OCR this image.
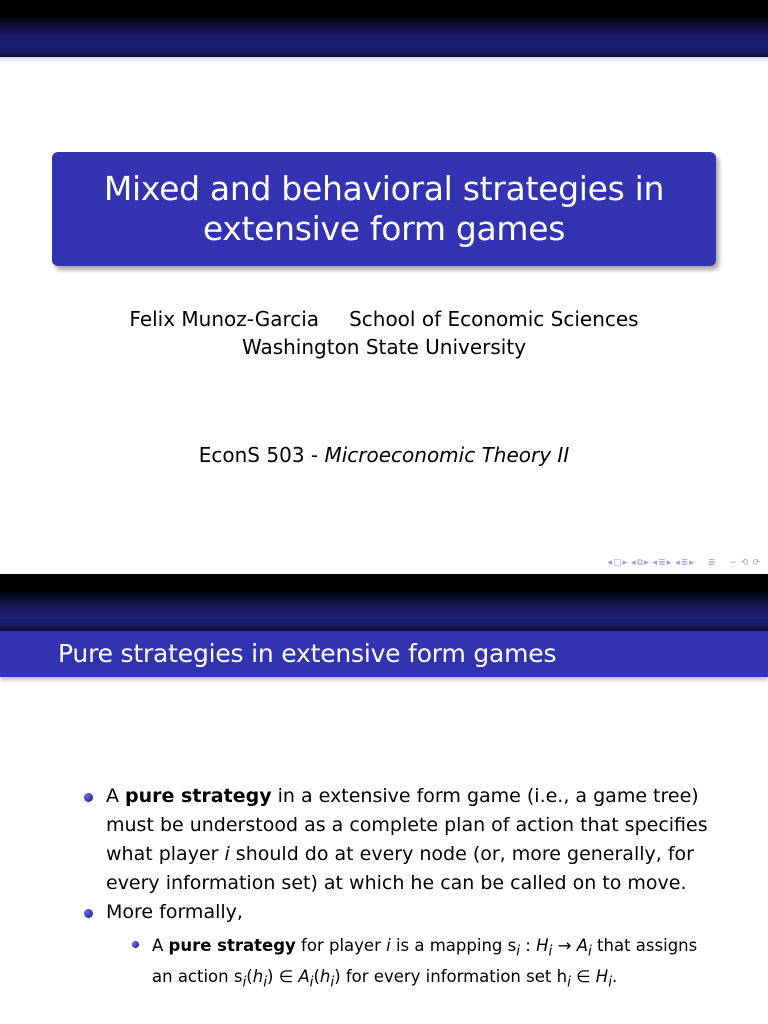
Mixed and behavioral strategies in
extensive form games
Felix Munoz-Garcia School of Economic Sciences
Washington State University
EconS 503 - Microeconomic Theory II
◂ □ ▸ ◂ ⧉ ▸ ◂ ≣ ▸ ◂ ≣ ▸ ≣ ∽ ⟲ ⟳
Pure strategies in extensive form games
A pure strategy in a extensive form game (i.e., a game tree) must be understood as a complete plan of action that specifies what player i should do at every node (or, more generally, for every information set) at which he can be called on to move.
More formally,
A pure strategy for player i is a mapping $s_i$ : $H_i \to A_i$ that assigns an action $s_i(h_i)$ ∈ $A_i(h_i)$ for every information set $h_i$ ∈ $H_i$.
